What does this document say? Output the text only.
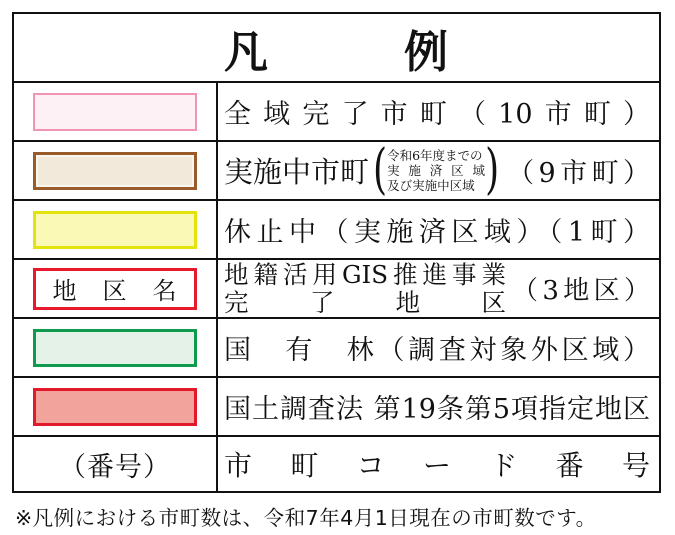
凡　　　例
全域完了市町（10市町）
実施中市町 ( 令和6年度までの
実施済区域
及び実施中区域 ) （9市町）
休止中（実施済区域）（1町）
地　区　名
地籍活用GIS推進事業
完了地区 （3地区）
国　有　林（調査対象外区域）
国土調査法 第19条第5項指定地区
（番号） 市町コード番号
※凡例における市町数は、令和7年4月1日現在の市町数です。
